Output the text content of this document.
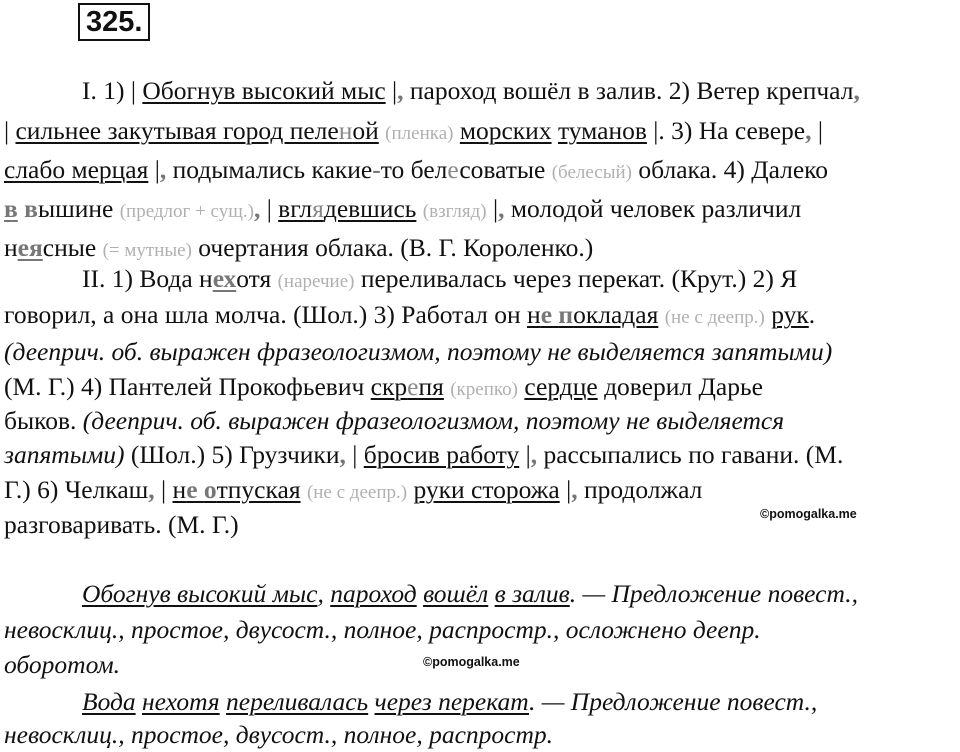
325.
I. 1) | Обогнув высокий мыс |, пароход вошёл в залив. 2) Ветер крепчал,
| сильнее закутывая город пеленой (пленка) морских туманов |. 3) На севере, |
слабо мерцая |, подымались какие-то белесоватые (белесый) облака. 4) Далеко
в вышине (предлог + сущ.), | вглядевшись (взгляд) |, молодой человек различил
неясные (= мутные) очертания облака. (В. Г. Короленко.)
II. 1) Вода нехотя (наречие) переливалась через перекат. (Крут.) 2) Я
говорил, а она шла молча. (Шол.) 3) Работал он не покладая (не с деепр.) рук.
(дееприч. об. выражен фразеологизмом, поэтому не выделяется запятыми)
(М. Г.) 4) Пантелей Прокофьевич скрепя (крепко) сердце доверил Дарье
быков. (дееприч. об. выражен фразеологизмом, поэтому не выделяется
запятыми) (Шол.) 5) Грузчики, | бросив работу |, рассыпались по гавани. (М.
Г.) 6) Челкаш, | не отпуская (не с деепр.) руки сторожа |, продолжал
разговаривать. (М. Г.)	©pomogalka.me
Обогнув высокий мыс, пароход вошёл в залив. — Предложение повест.,
невосклиц., простое, двусост., полное, распростр., осложнено деепр.
оборотом.	©pomogalka.me
Вода нехотя переливалась через перекат. — Предложение повест.,
невосклиц., простое, двусост., полное, распростр.
